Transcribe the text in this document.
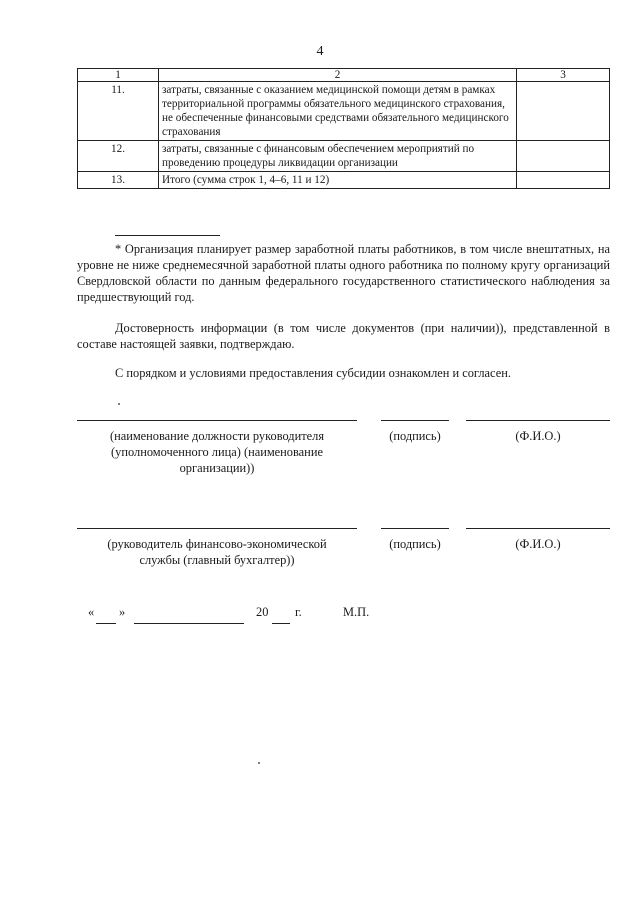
4
1	2	3
11.	затраты, связанные с оказанием медицинской помощи детям в рамках территориальной программы обязательного медицинского страхования, не обеспеченные финансовыми средствами обязательного медицинского страхования	
12.	затраты, связанные с финансовым обеспечением мероприятий по проведению процедуры ликвидации организации	
13.	Итого (сумма строк 1, 4–6, 11 и 12)	

* Организация планирует размер заработной платы работников, в том числе внештатных, на уровне не ниже среднемесячной заработной платы одного работника по полному кругу организаций Свердловской области по данным федерального государственного статистического наблюдения за предшествующий год.

Достоверность информации (в том числе документов (при наличии)), представленной в составе настоящей заявки, подтверждаю.

С порядком и условиями предоставления субсидии ознакомлен и согласен.

(наименование должности руководителя (уполномоченного лица) (наименование организации))
(подпись)	(Ф.И.О.)
(руководитель финансово-экономической службы (главный бухгалтер))
(подпись)	(Ф.И.О.)
« »	20 г.	М.П.
